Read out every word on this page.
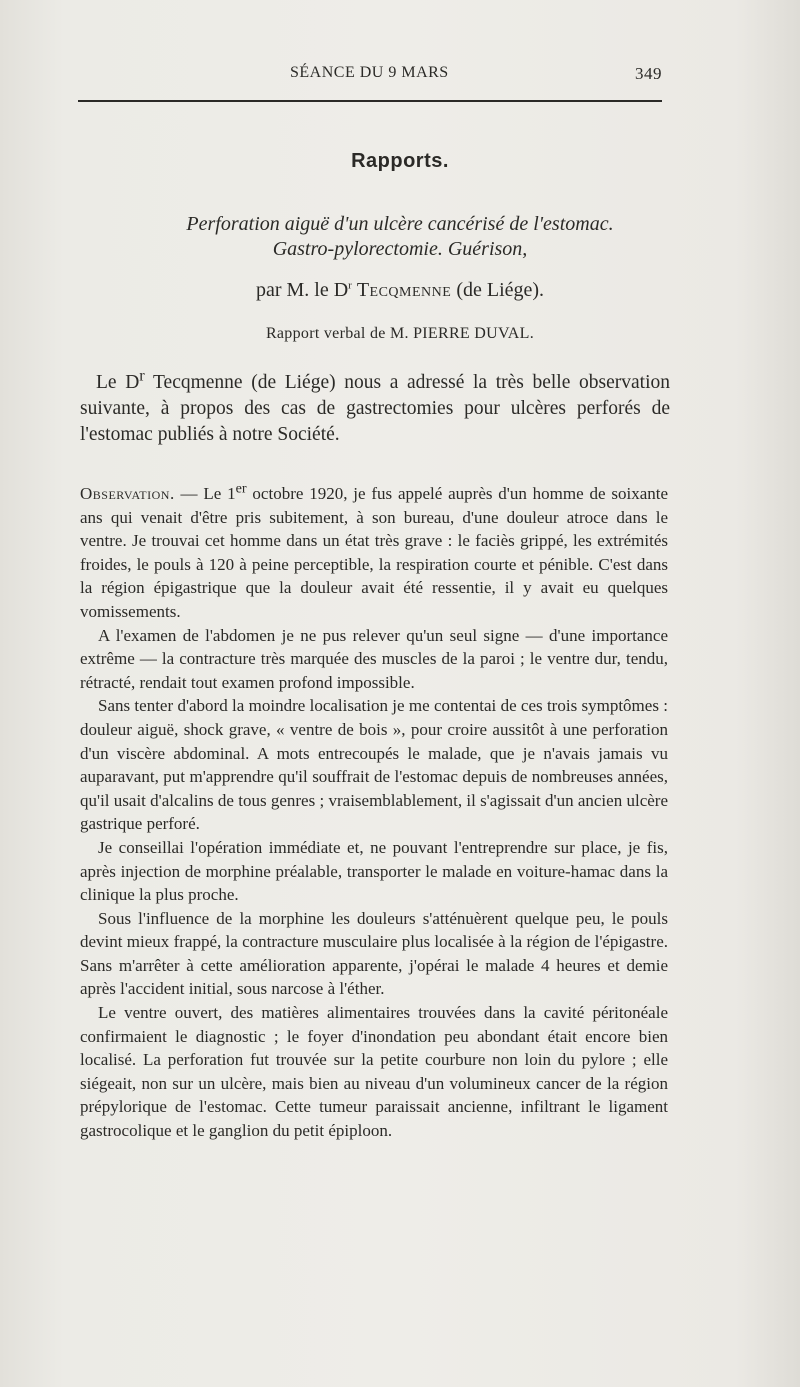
SÉANCE DU 9 MARS	349
Rapports.
Perforation aiguë d'un ulcère cancérisé de l'estomac.
Gastro-pylorectomie. Guérison,
par M. le $D^r$ Tecqmenne (de Liége).
Rapport verbal de M. PIERRE DUVAL.

Le $D^r$ Tecqmenne (de Liége) nous a adressé la très belle observation suivante, à propos des cas de gastrectomies pour ulcères perforés de l'estomac publiés à notre Société.

Observation. — Le 1er octobre 1920, je fus appelé auprès d'un homme de soixante ans qui venait d'être pris subitement, à son bureau, d'une douleur atroce dans le ventre. Je trouvai cet homme dans un état très grave : le faciès grippé, les extrémités froides, le pouls à 120 à peine perceptible, la respiration courte et pénible. C'est dans la région épigastrique que la douleur avait été ressentie, il y avait eu quelques vomissements.

A l'examen de l'abdomen je ne pus relever qu'un seul signe — d'une importance extrême — la contracture très marquée des muscles de la paroi ; le ventre dur, tendu, rétracté, rendait tout examen profond impossible.

Sans tenter d'abord la moindre localisation je me contentai de ces trois symptômes : douleur aiguë, shock grave, « ventre de bois », pour croire aussitôt à une perforation d'un viscère abdominal. A mots entrecoupés le malade, que je n'avais jamais vu auparavant, put m'apprendre qu'il souffrait de l'estomac depuis de nombreuses années, qu'il usait d'alcalins de tous genres ; vraisemblablement, il s'agissait d'un ancien ulcère gastrique perforé.

Je conseillai l'opération immédiate et, ne pouvant l'entreprendre sur place, je fis, après injection de morphine préalable, transporter le malade en voiture-hamac dans la clinique la plus proche.

Sous l'influence de la morphine les douleurs s'atténuèrent quelque peu, le pouls devint mieux frappé, la contracture musculaire plus localisée à la région de l'épigastre. Sans m'arrêter à cette amélioration apparente, j'opérai le malade 4 heures et demie après l'accident initial, sous narcose à l'éther.

Le ventre ouvert, des matières alimentaires trouvées dans la cavité péritonéale confirmaient le diagnostic ; le foyer d'inondation peu abondant était encore bien localisé. La perforation fut trouvée sur la petite courbure non loin du pylore ; elle siégeait, non sur un ulcère, mais bien au niveau d'un volumineux cancer de la région prépylorique de l'estomac. Cette tumeur paraissait ancienne, infiltrant le ligament gastrocolique et le ganglion du petit épiploon.
